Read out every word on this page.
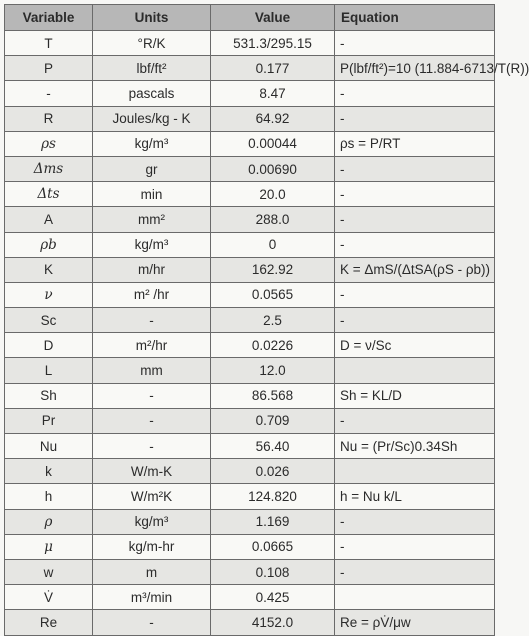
Variable	Units	Value	Equation
T	°R/K	531.3/295.15	-
P	lbf/ft²	0.177	P(lbf/ft²)=10 (11.884-6713/T(R))
-	pascals	8.47	-
R	Joules/kg - K	64.92	-
ρs	kg/m³	0.00044	ρs = P/RT
Δms	gr	0.00690	-
Δts	min	20.0	-
A	mm²	288.0	-
ρb	kg/m³	0	-
K	m/hr	162.92	K = ΔmS/(ΔtSA(ρS - ρb))
ν	m² /hr	0.0565	-
Sc	-	2.5	-
D	m²/hr	0.0226	D = ν/Sc
L	mm	12.0	
Sh	-	86.568	Sh = KL/D
Pr	-	0.709	-
Nu	-	56.40	Nu = (Pr/Sc)0.34Sh
k	W/m-K	0.026	
h	W/m²K	124.820	h = Nu k/L
ρ	kg/m³	1.169	-
μ	kg/m-hr	0.0665	-
w	m	0.108	-
V̇	m³/min	0.425	
Re	-	4152.0	Re = ρV̇/μw
